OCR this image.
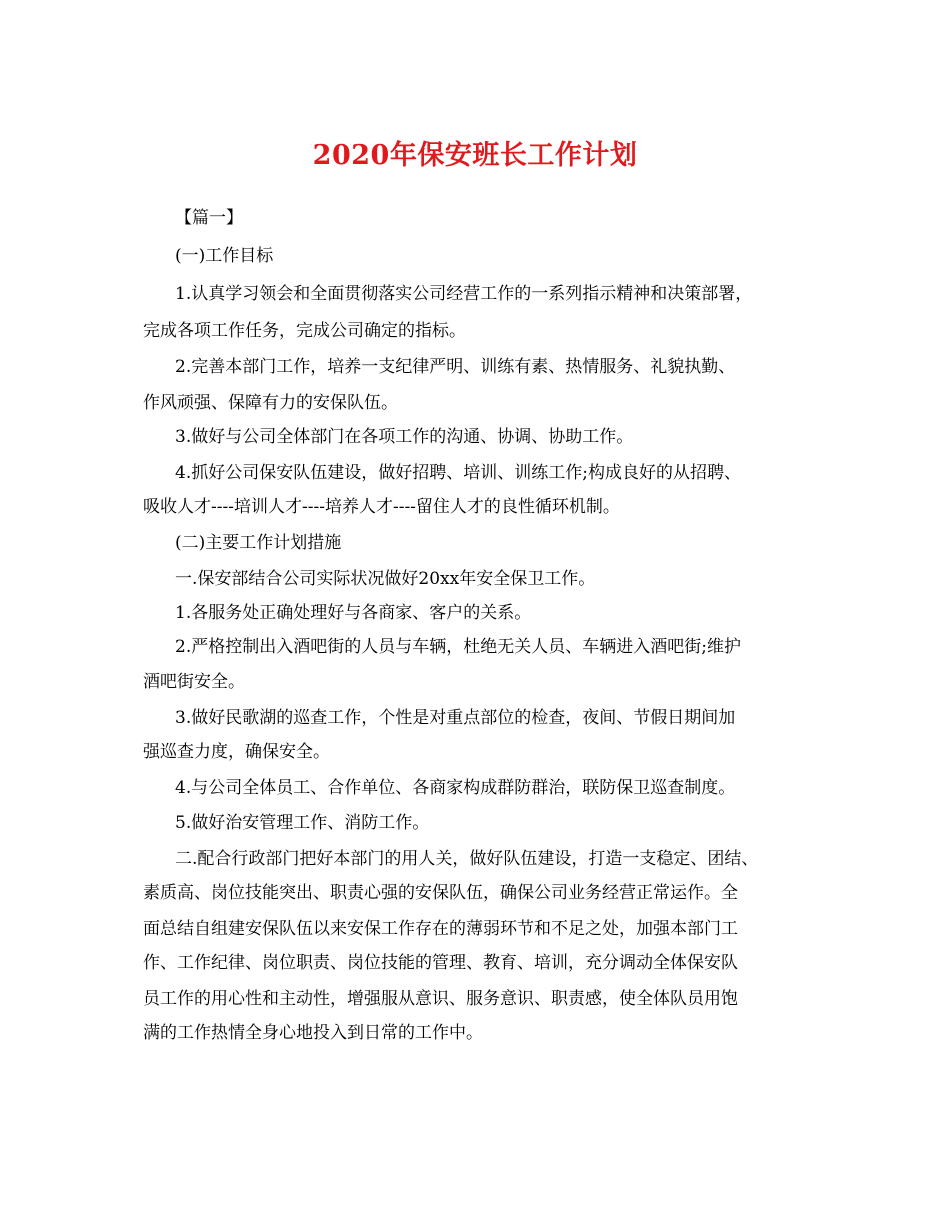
2020年保安班长工作计划
【篇一】
(一)工作目标
1.认真学习领会和全面贯彻落实公司经营工作的一系列指示精神和决策部署，
完成各项工作任务，完成公司确定的指标。
2.完善本部门工作，培养一支纪律严明、训练有素、热情服务、礼貌执勤、
作风顽强、保障有力的安保队伍。
3.做好与公司全体部门在各项工作的沟通、协调、协助工作。
4.抓好公司保安队伍建设，做好招聘、培训、训练工作;构成良好的从招聘、
吸收人才----培训人才----培养人才----留住人才的良性循环机制。
(二)主要工作计划措施
一.保安部结合公司实际状况做好20xx年安全保卫工作。
1.各服务处正确处理好与各商家、客户的关系。
2.严格控制出入酒吧街的人员与车辆，杜绝无关人员、车辆进入酒吧街;维护
酒吧街安全。
3.做好民歌湖的巡查工作，个性是对重点部位的检查，夜间、节假日期间加
强巡查力度，确保安全。
4.与公司全体员工、合作单位、各商家构成群防群治，联防保卫巡查制度。
5.做好治安管理工作、消防工作。
二.配合行政部门把好本部门的用人关，做好队伍建设，打造一支稳定、团结、
素质高、岗位技能突出、职责心强的安保队伍，确保公司业务经营正常运作。全
面总结自组建安保队伍以来安保工作存在的薄弱环节和不足之处，加强本部门工
作、工作纪律、岗位职责、岗位技能的管理、教育、培训，充分调动全体保安队
员工作的用心性和主动性，增强服从意识、服务意识、职责感，使全体队员用饱
满的工作热情全身心地投入到日常的工作中。
